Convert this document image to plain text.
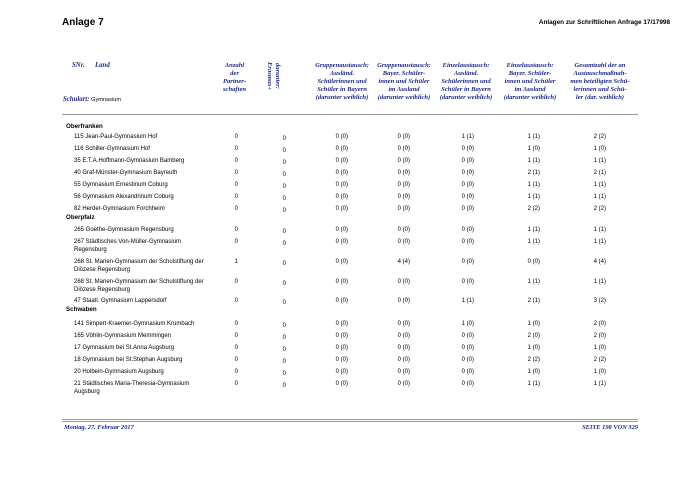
Anlage 7	Anlagen zur Schriftlichen Anfrage 17/17998
SNr. Land
Schulart: Gymnasium
Anzahl
der
Partner-
schaften
darunter:
Erasmus+	Gruppenaustausch:
Ausländ.
Schülerinnen und
Schüler in Bayern
(darunter weiblich)
Gruppenaustausch:
Bayer. Schüler-
innen und Schüler
im Ausland
(darunter weiblich)
Einzelaustausch:
Ausländ.
Schülerinnen und
Schüler in Bayern
(darunter weiblich)
Einzelaustausch:
Bayer. Schüler-
innen und Schüler
im Ausland
(darunter weiblich)
Gesamtzahl der an
Austauschmaßnah-
men beteiligten Schü-
lerinnen und Schü-
ler (dar. weiblich)
Oberfranken
115 Jean-Paul-Gymnasium Hof	0	0	0 (0)	0 (0)	1 (1)	1 (1)	2 (2)
116 Schiller-Gymnasium Hof	0	0	0 (0)	0 (0)	0 (0)	1 (0)	1 (0)
35 E.T.A.Hoffmann-Gymnasium Bamberg	0	0	0 (0)	0 (0)	0 (0)	1 (1)	1 (1)
40 Graf-Münster-Gymnasium Bayreuth	0	0	0 (0)	0 (0)	0 (0)	2 (1)	2 (1)
55 Gymnasium Ernestinum Coburg	0	0	0 (0)	0 (0)	0 (0)	1 (1)	1 (1)
56 Gymnasium Alexandrinum Coburg	0	0	0 (0)	0 (0)	0 (0)	1 (1)	1 (1)
82 Herder-Gymnasium Forchheim	0	0	0 (0)	0 (0)	0 (0)	2 (2)	2 (2)
Oberpfalz
265 Goethe-Gymnasium Regensburg	0	0	0 (0)	0 (0)	0 (0)	1 (1)	1 (1)
267 Städtisches Von-Müller-Gymnasium
Regensburg
0	0	0 (0)	0 (0)	0 (0)	1 (1)	1 (1)
268 St. Marien-Gymnasium der Schulstiftung der
Diözese Regensburg
1	0	0 (0)	4 (4)	0 (0)	0 (0)	4 (4)
268 St. Marien-Gymnasium der Schulstiftung der
Diözese Regensburg
0	0	0 (0)	0 (0)	0 (0)	1 (1)	1 (1)
47 Staatl. Gymnasium Lappersdorf	0	0	0 (0)	0 (0)	1 (1)	2 (1)	3 (2)
Schwaben
141 Simpert-Kraemer-Gymnasium Krumbach	0	0	0 (0)	0 (0)	1 (0)	1 (0)	2 (0)
165 Vöhlin-Gymnasium Memmingen	0	0	0 (0)	0 (0)	0 (0)	2 (0)	2 (0)
17 Gymnasium bei St.Anna Augsburg	0	0	0 (0)	0 (0)	0 (0)	1 (0)	1 (0)
18 Gymnasium bei St.Stephan Augsburg	0	0	0 (0)	0 (0)	0 (0)	2 (2)	2 (2)
20 Holbein-Gymnasium Augsburg	0	0	0 (0)	0 (0)	0 (0)	1 (0)	1 (0)
21 Städtisches Maria-Theresia-Gymnasium
Augsburg
0	0	0 (0)	0 (0)	0 (0)	1 (1)	1 (1)
Montag, 27. Februar 2017	SEITE 198 VON 329
